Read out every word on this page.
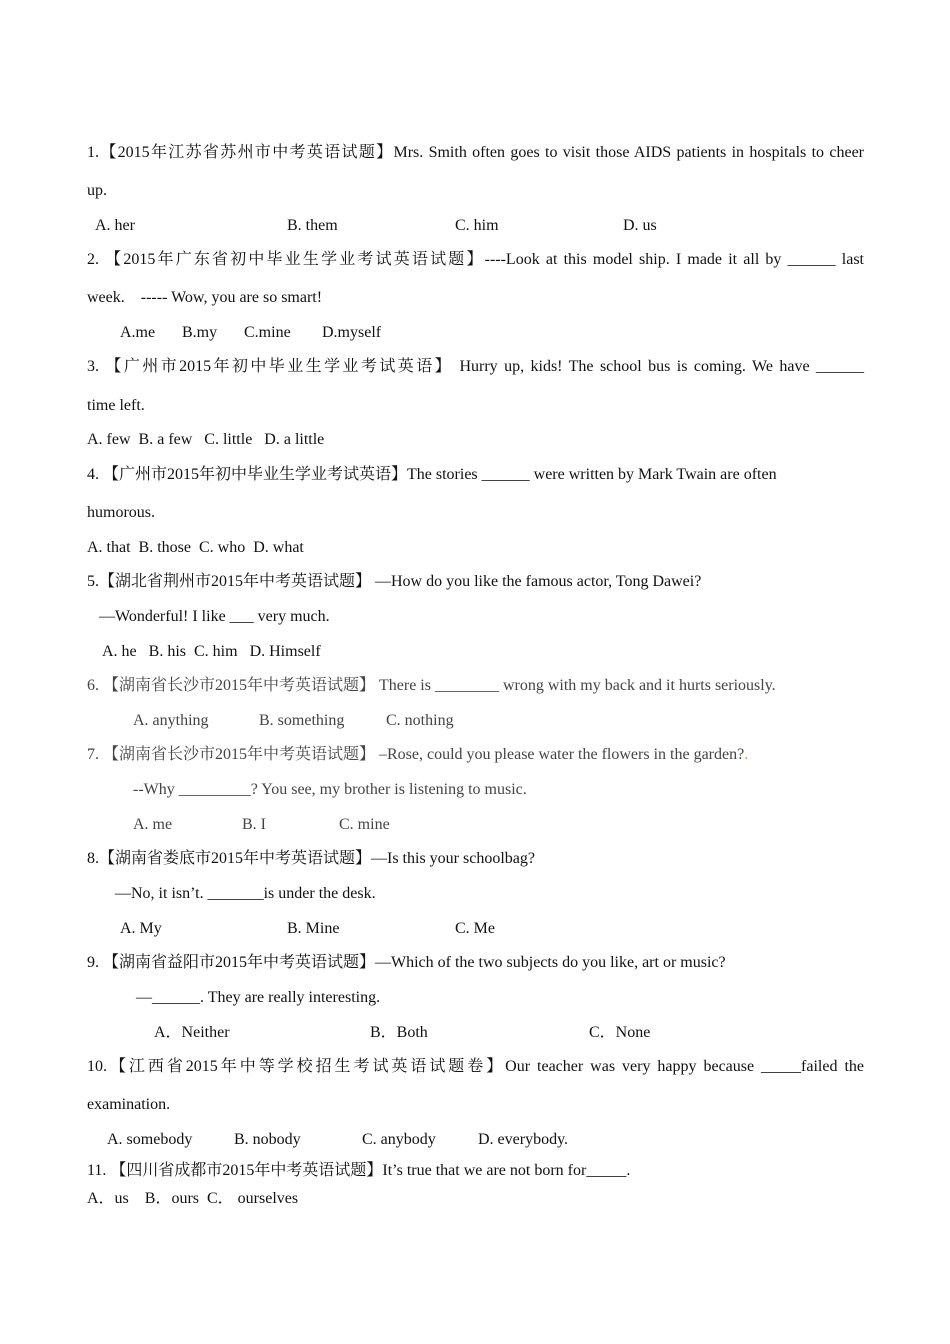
1.【2015年江苏省苏州市中考英语试题】Mrs. Smith often goes to visit those AIDS patients in hospitals to cheer
up.
A. her	B. them	C. him	D. us
2. 【2015年广东省初中毕业生学业考试英语试题】----Look at this model ship. I made it all by ______ last
week.    ----- Wow, you are so smart!
A.me B.my C.mine D.myself
3. 【广州市2015年初中毕业生学业考试英语】 Hurry up, kids! The school bus is coming. We have ______
time left.
A. few  B. a few   C. little   D. a little
4. 【广州市2015年初中毕业生学业考试英语】The stories ______ were written by Mark Twain are often
humorous.
A. that  B. those  C. who  D. what
5.【湖北省荆州市2015年中考英语试题】 —How do you like the famous actor, Tong Dawei?
—Wonderful! I like ___ very much.
A. he   B. his  C. him   D. Himself
6. 【湖南省长沙市2015年中考英语试题】 There is ________ wrong with my back and it hurts seriously.
A. anything	B. something	C. nothing
7. 【湖南省长沙市2015年中考英语试题】 –Rose, could you please water the flowers in the garden?.
--Why _________? You see, my brother is listening to music.
A. me	B. I	C. mine
8.【湖南省娄底市2015年中考英语试题】—Is this your schoolbag?
—No, it isn’t. _______is under the desk.
A. My	B. Mine	C. Me
9. 【湖南省益阳市2015年中考英语试题】—Which of the two subjects do you like, art or music?
—______. They are really interesting.
A．Neither	B．Both	C．None
10.【江西省2015年中等学校招生考试英语试题卷】Our teacher was very happy because _____failed the
examination.
A. somebody	B. nobody	C. anybody	D. everybody.
11. 【四川省成都市2015年中考英语试题】It’s true that we are not born for_____.
A．us    B．ours  C． ourselves
